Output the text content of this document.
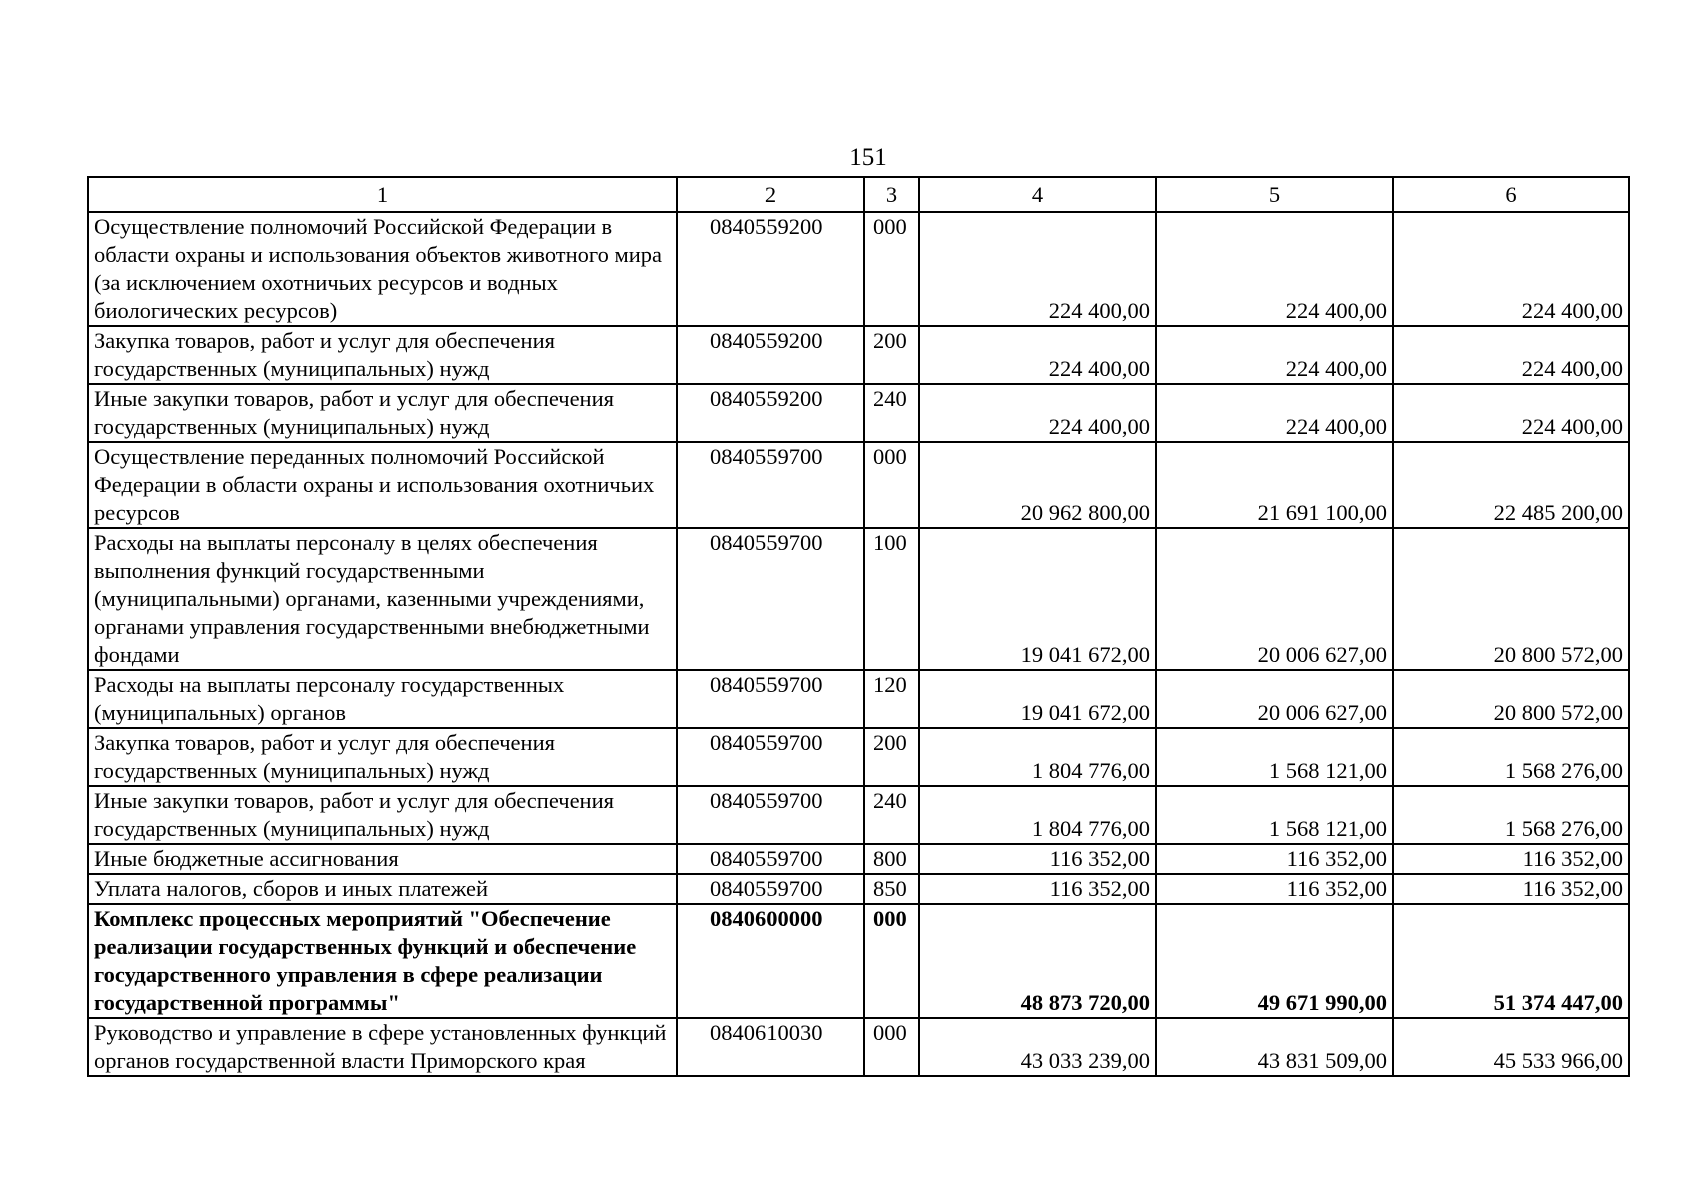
151
1	2	3	4	5	6
Осуществление полномочий Российской Федерации в области охраны и использования объектов животного мира (за исключением охотничьих ресурсов и водных биологических ресурсов)	0840559200	000	224 400,00	224 400,00	224 400,00
Закупка товаров, работ и услуг для обеспечения государственных (муниципальных) нужд	0840559200	200	224 400,00	224 400,00	224 400,00
Иные закупки товаров, работ и услуг для обеспечения государственных (муниципальных) нужд	0840559200	240	224 400,00	224 400,00	224 400,00
Осуществление переданных полномочий Российской Федерации в области охраны и использования охотничьих ресурсов	0840559700	000	20 962 800,00	21 691 100,00	22 485 200,00
Расходы на выплаты персоналу в целях обеспечения выполнения функций государственными (муниципальными) органами, казенными учреждениями, органами управления государственными внебюджетными фондами	0840559700	100	19 041 672,00	20 006 627,00	20 800 572,00
Расходы на выплаты персоналу государственных (муниципальных) органов	0840559700	120	19 041 672,00	20 006 627,00	20 800 572,00
Закупка товаров, работ и услуг для обеспечения государственных (муниципальных) нужд	0840559700	200	1 804 776,00	1 568 121,00	1 568 276,00
Иные закупки товаров, работ и услуг для обеспечения государственных (муниципальных) нужд	0840559700	240	1 804 776,00	1 568 121,00	1 568 276,00
Иные бюджетные ассигнования	0840559700	800	116 352,00	116 352,00	116 352,00
Уплата налогов, сборов и иных платежей	0840559700	850	116 352,00	116 352,00	116 352,00
Комплекс процессных мероприятий "Обеспечение реализации государственных функций и обеспечение государственного управления в сфере реализации государственной программы"	0840600000	000	48 873 720,00	49 671 990,00	51 374 447,00
Руководство и управление в сфере установленных функций органов государственной власти Приморского края	0840610030	000	43 033 239,00	43 831 509,00	45 533 966,00
